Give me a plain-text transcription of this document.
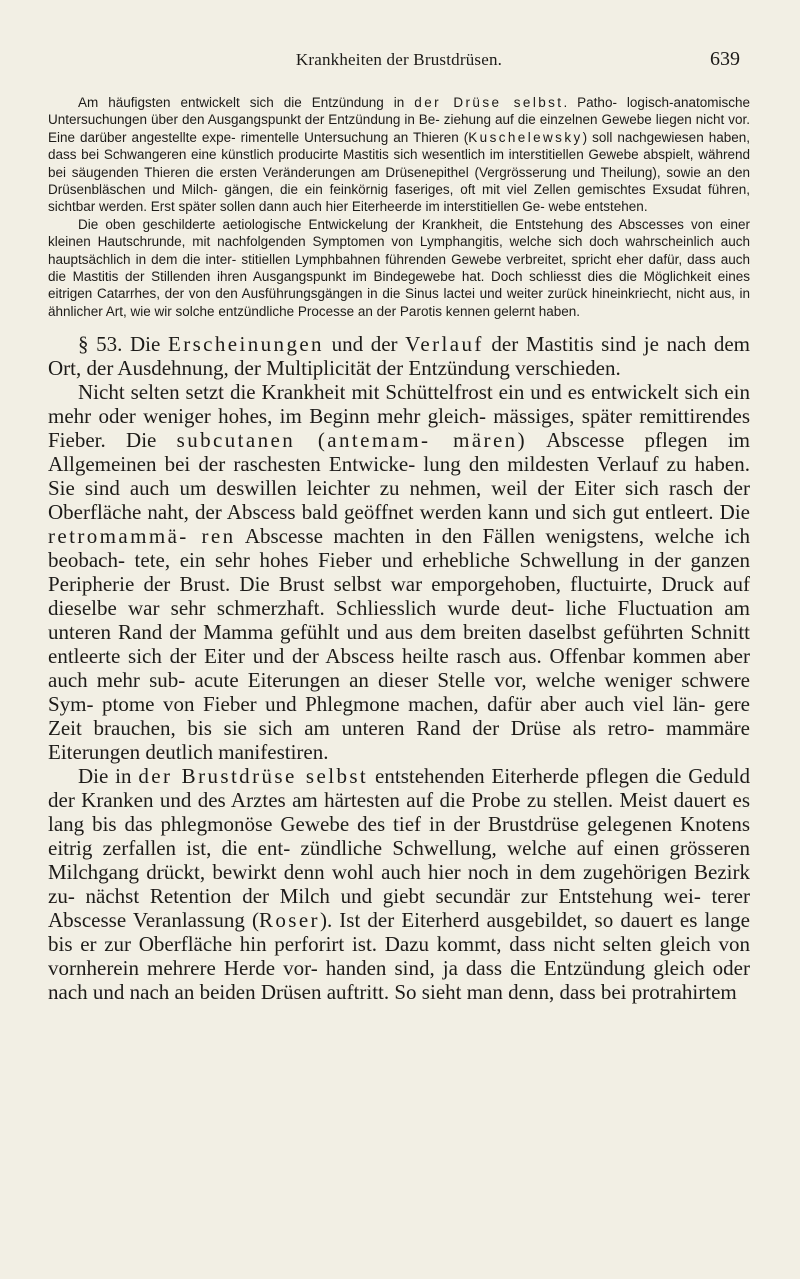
Krankheiten der Brustdrüsen.	639

Am häufigsten entwickelt sich die Entzündung in der Drüse selbst. Patho- logisch-anatomische Untersuchungen über den Ausgangspunkt der Entzündung in Be- ziehung auf die einzelnen Gewebe liegen nicht vor. Eine darüber angestellte expe- rimentelle Untersuchung an Thieren (Kuschelewsky) soll nachgewiesen haben, dass bei Schwangeren eine künstlich producirte Mastitis sich wesentlich im interstitiellen Gewebe abspielt, während bei säugenden Thieren die ersten Veränderungen am Drüsenepithel (Vergrösserung und Theilung), sowie an den Drüsenbläschen und Milch- gängen, die ein feinkörnig faseriges, oft mit viel Zellen gemischtes Exsudat führen, sichtbar werden. Erst später sollen dann auch hier Eiterheerde im interstitiellen Ge- webe entstehen.

Die oben geschilderte aetiologische Entwickelung der Krankheit, die Entstehung des Abscesses von einer kleinen Hautschrunde, mit nachfolgenden Symptomen von Lymphangitis, welche sich doch wahrscheinlich auch hauptsächlich in dem die inter- stitiellen Lymphbahnen führenden Gewebe verbreitet, spricht eher dafür, dass auch die Mastitis der Stillenden ihren Ausgangspunkt im Bindegewebe hat. Doch schliesst dies die Möglichkeit eines eitrigen Catarrhes, der von den Ausführungsgängen in die Sinus lactei und weiter zurück hineinkriecht, nicht aus, in ähnlicher Art, wie wir solche entzündliche Processe an der Parotis kennen gelernt haben.

§ 53. Die Erscheinungen und der Verlauf der Mastitis sind je nach dem Ort, der Ausdehnung, der Multiplicität der Entzündung verschieden.

Nicht selten setzt die Krankheit mit Schüttelfrost ein und es entwickelt sich ein mehr oder weniger hohes, im Beginn mehr gleich- mässiges, später remittirendes Fieber. Die subcutanen (antemam- mären) Abscesse pflegen im Allgemeinen bei der raschesten Entwicke- lung den mildesten Verlauf zu haben. Sie sind auch um deswillen leichter zu nehmen, weil der Eiter sich rasch der Oberfläche naht, der Abscess bald geöffnet werden kann und sich gut entleert. Die retromammä- ren Abscesse machten in den Fällen wenigstens, welche ich beobach- tete, ein sehr hohes Fieber und erhebliche Schwellung in der ganzen Peripherie der Brust. Die Brust selbst war emporgehoben, fluctuirte, Druck auf dieselbe war sehr schmerzhaft. Schliesslich wurde deut- liche Fluctuation am unteren Rand der Mamma gefühlt und aus dem breiten daselbst geführten Schnitt entleerte sich der Eiter und der Abscess heilte rasch aus. Offenbar kommen aber auch mehr sub- acute Eiterungen an dieser Stelle vor, welche weniger schwere Sym- ptome von Fieber und Phlegmone machen, dafür aber auch viel län- gere Zeit brauchen, bis sie sich am unteren Rand der Drüse als retro- mammäre Eiterungen deutlich manifestiren.

Die in der Brustdrüse selbst entstehenden Eiterherde pflegen die Geduld der Kranken und des Arztes am härtesten auf die Probe zu stellen. Meist dauert es lang bis das phlegmonöse Gewebe des tief in der Brustdrüse gelegenen Knotens eitrig zerfallen ist, die ent- zündliche Schwellung, welche auf einen grösseren Milchgang drückt, bewirkt denn wohl auch hier noch in dem zugehörigen Bezirk zu- nächst Retention der Milch und giebt secundär zur Entstehung wei- terer Abscesse Veranlassung (Roser). Ist der Eiterherd ausgebildet, so dauert es lange bis er zur Oberfläche hin perforirt ist. Dazu kommt, dass nicht selten gleich von vornherein mehrere Herde vor- handen sind, ja dass die Entzündung gleich oder nach und nach an beiden Drüsen auftritt. So sieht man denn, dass bei protrahirtem
